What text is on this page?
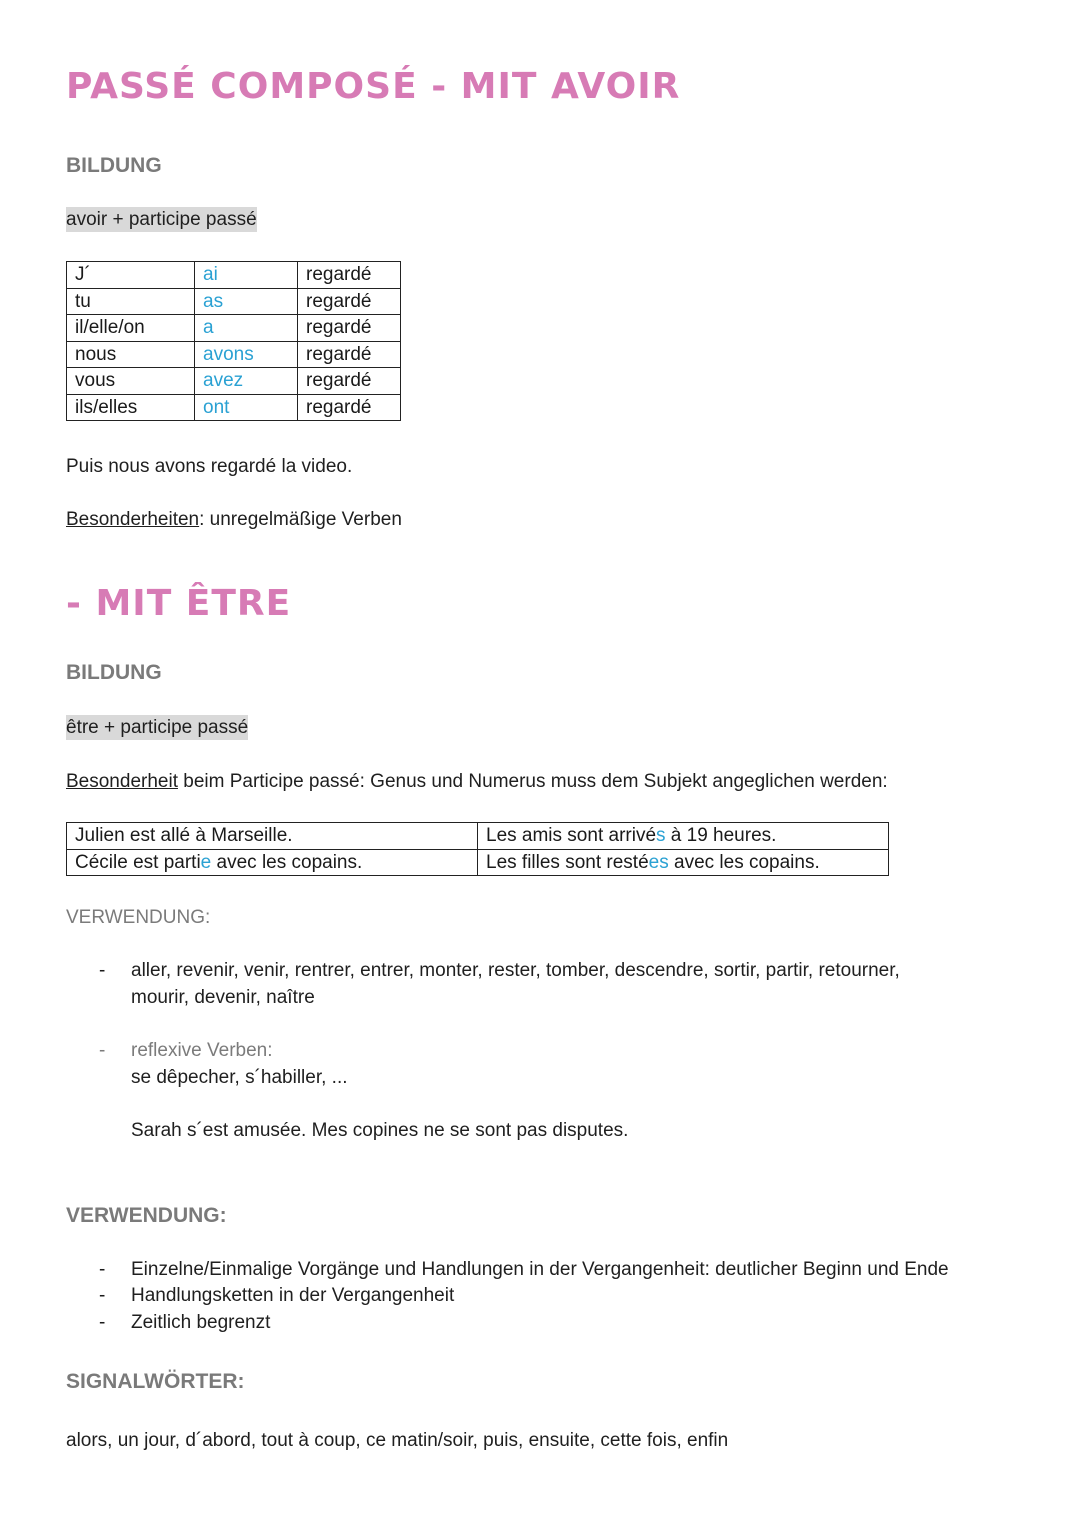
PASSÉ COMPOSÉ - MIT AVOIR
BILDUNG
avoir + participe passé
J´	ai	regardé
tu	as	regardé
il/elle/on	a	regardé
nous	avons	regardé
vous	avez	regardé
ils/elles	ont	regardé
Puis nous avons regardé la video.
Besonderheiten: unregelmäßige Verben
- MIT ÊTRE
BILDUNG
être + participe passé
Besonderheit beim Participe passé: Genus und Numerus muss dem Subjekt angeglichen werden:
Julien est allé à Marseille.	Les amis sont arrivés à 19 heures.
Cécile est partie avec les copains.	Les filles sont restées avec les copains.
VERWENDUNG:
- aller, revenir, venir, rentrer, entrer, monter, rester, tomber, descendre, sortir, partir, retourner,
mourir, devenir, naître
- reflexive Verben:
se dêpecher, s´habiller, ...
Sarah s´est amusée. Mes copines ne se sont pas disputes.
VERWENDUNG:
- Einzelne/Einmalige Vorgänge und Handlungen in der Vergangenheit: deutlicher Beginn und Ende
- Handlungsketten in der Vergangenheit
- Zeitlich begrenzt
SIGNALWÖRTER:
alors, un jour, d´abord, tout à coup, ce matin/soir, puis, ensuite, cette fois, enfin
